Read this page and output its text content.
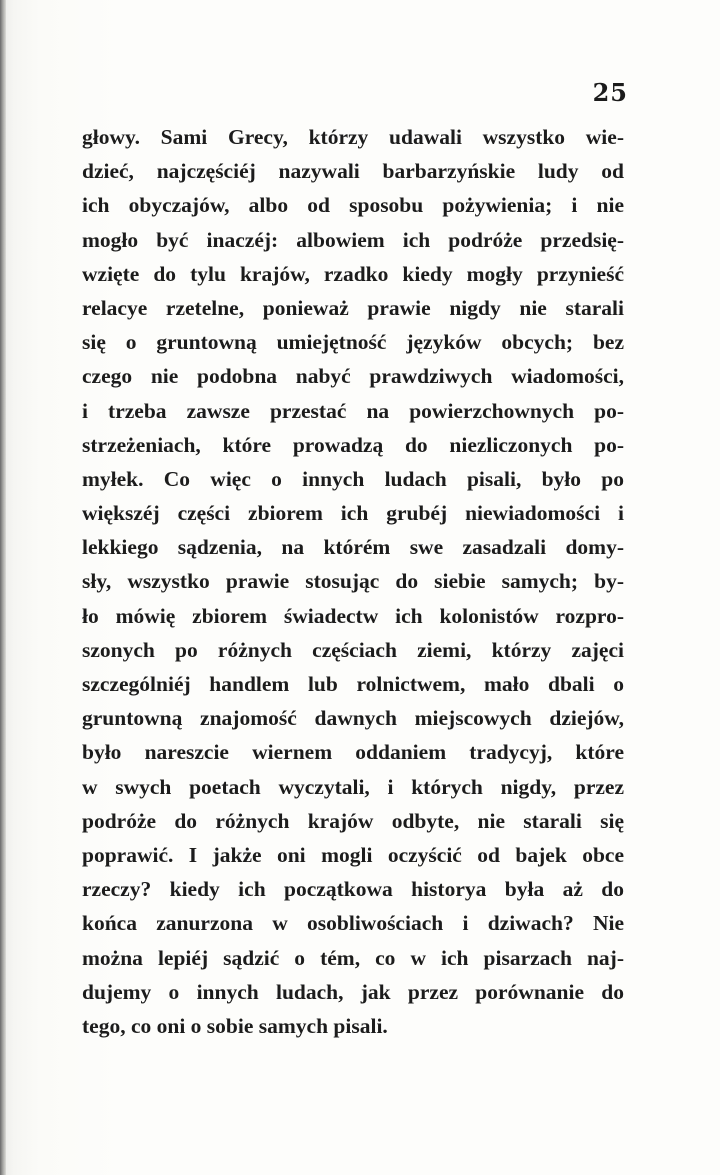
25
głowy. Sami Grecy, którzy udawali wszystko wie-
dzieć, najczęściéj nazywali barbarzyńskie ludy od
ich obyczajów, albo od sposobu pożywienia; i nie
mogło być inaczéj: albowiem ich podróże przedsię-
wzięte do tylu krajów, rzadko kiedy mogły przynieść
relacye rzetelne, ponieważ prawie nigdy nie starali
się o gruntowną umiejętność języków obcych; bez
czego nie podobna nabyć prawdziwych wiadomości,
i trzeba zawsze przestać na powierzchownych po-
strzeżeniach, które prowadzą do niezliczonych po-
myłek. Co więc o innych ludach pisali, było po
większéj części zbiorem ich grubéj niewiadomości i
lekkiego sądzenia, na którém swe zasadzali domy-
sły, wszystko prawie stosując do siebie samych; by-
ło mówię zbiorem świadectw ich kolonistów rozpro-
szonych po różnych częściach ziemi, którzy zajęci
szczególniéj handlem lub rolnictwem, mało dbali o
gruntowną znajomość dawnych miejscowych dziejów,
było nareszcie wiernem oddaniem tradycyj, które
w swych poetach wyczytali, i których nigdy, przez
podróże do różnych krajów odbyte, nie starali się
poprawić. I jakże oni mogli oczyścić od bajek obce
rzeczy? kiedy ich początkowa historya była aż do
końca zanurzona w osobliwościach i dziwach? Nie
można lepiéj sądzić o tém, co w ich pisarzach naj-
dujemy o innych ludach, jak przez porównanie do
tego, co oni o sobie samych pisali.
